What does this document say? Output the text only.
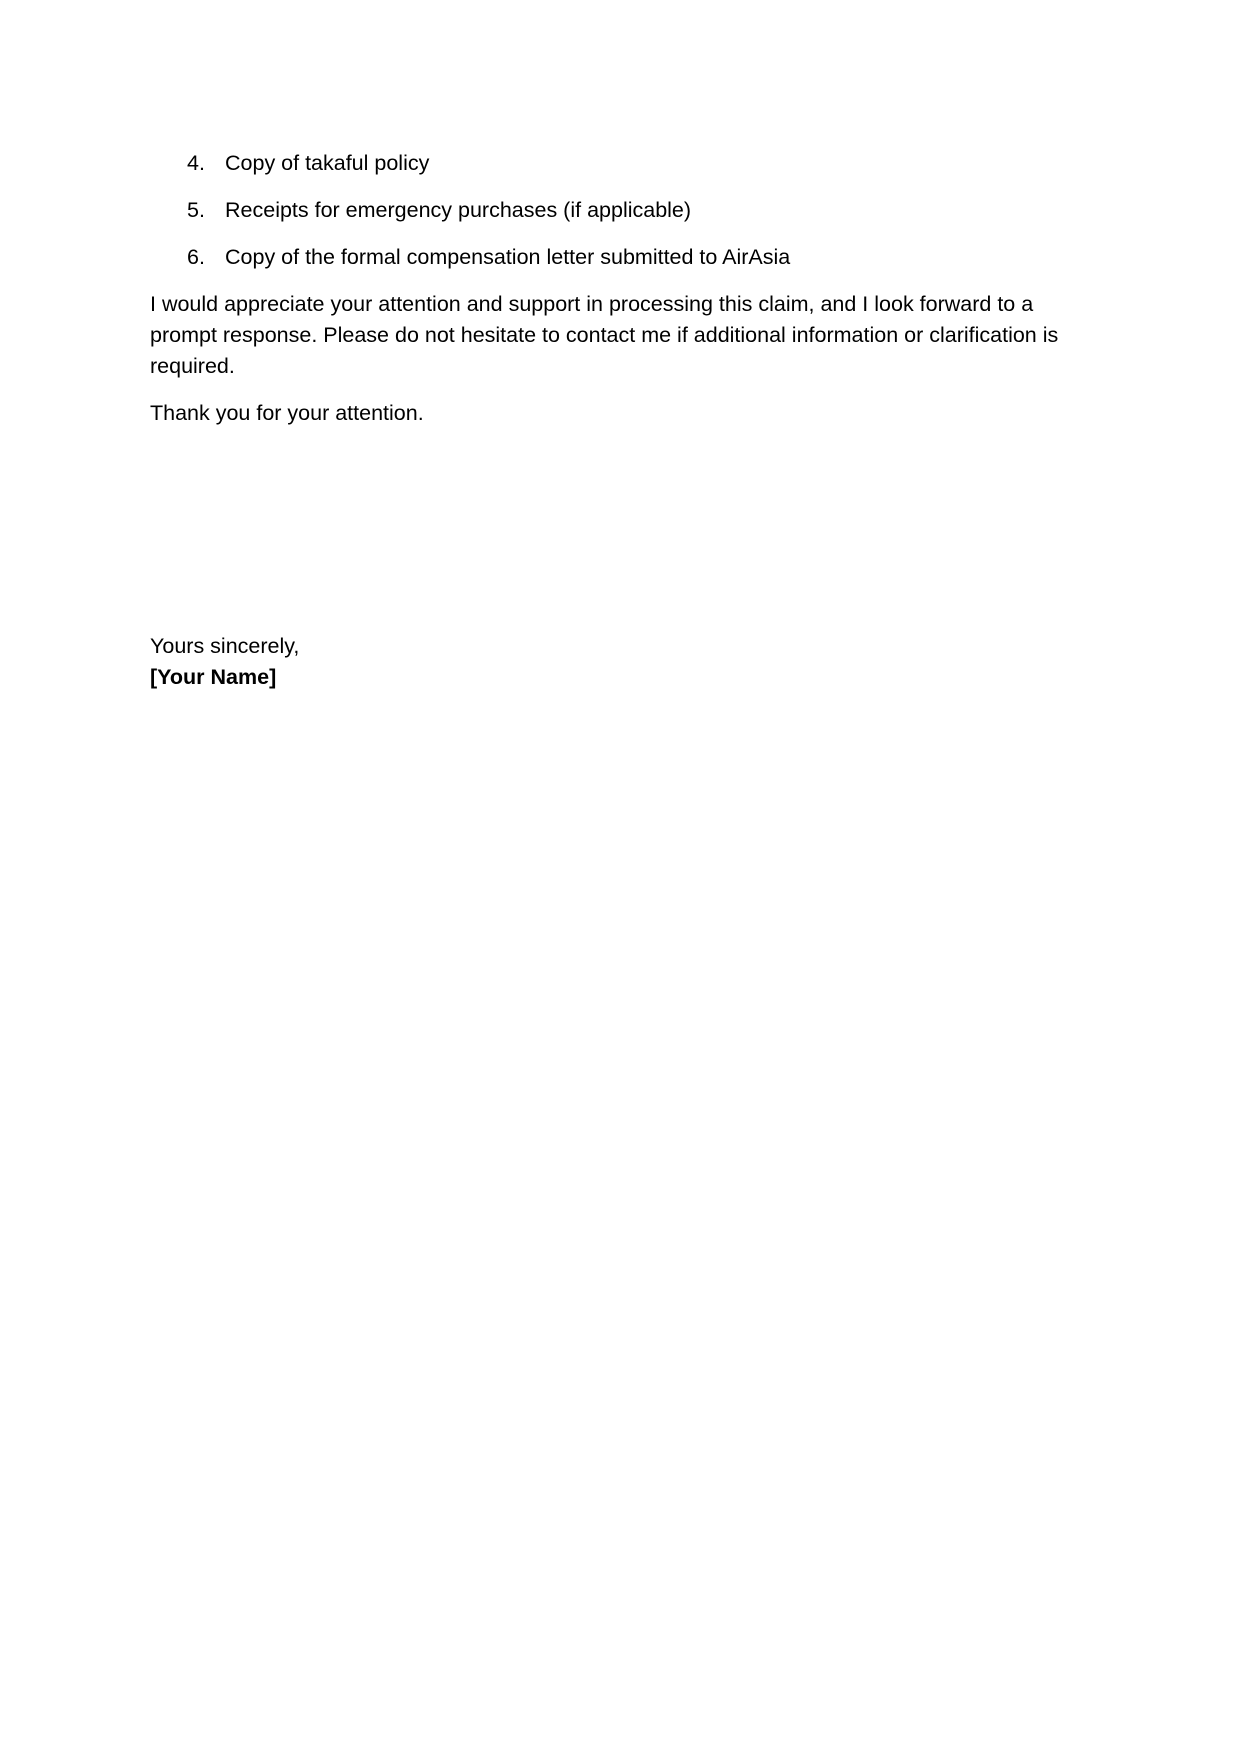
4. Copy of takaful policy
5. Receipts for emergency purchases (if applicable)
6. Copy of the formal compensation letter submitted to AirAsia

I would appreciate your attention and support in processing this claim, and I look forward to a prompt response. Please do not hesitate to contact me if additional information or clarification is required.

Thank you for your attention.

Yours sincerely,
[Your Name]
